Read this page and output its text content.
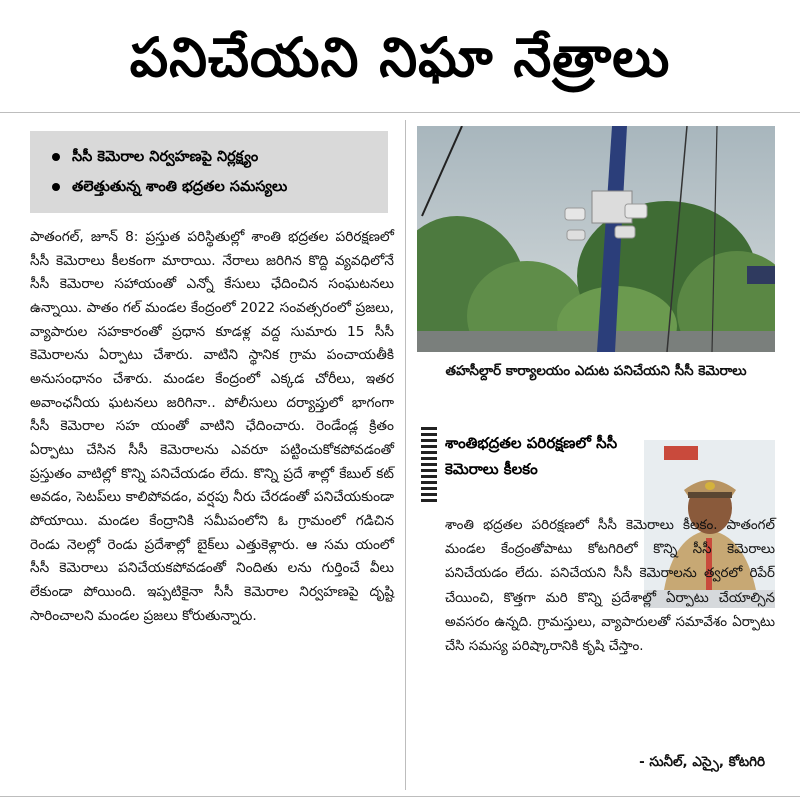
పనిచేయని నిఘా నేత్రాలు
సీసీ కెమెరాల నిర్వహణపై నిర్లక్ష్యం
తలెత్తుతున్న శాంతి భద్రతల సమస్యలు
పాతంగల్, జూన్ 8: ప్రస్తుత పరిస్థితుల్లో శాంతి భద్రతల పరిరక్షణలో సీసీ కెమెరాలు కీలకంగా మారాయి. నేరాలు జరిగిన కొద్ది వ్యవధిలోనే సీసీ కెమెరాల సహాయంతో ఎన్నో కేసులు ఛేదించిన సంఘటనలు ఉన్నాయి. పాతం గల్ మండల కేంద్రంలో 2022 సంవత్సరంలో ప్రజలు, వ్యాపారుల సహకారంతో ప్రధాన కూడళ్ల వద్ద సుమారు 15 సీసీ కెమెరాలను ఏర్పాటు చేశారు. వాటిని స్థానిక గ్రామ పంచాయతీకి అనుసంధానం చేశారు. మండల కేంద్రంలో ఎక్కడ చోరీలు, ఇతర అవాంఛనీయ ఘటనలు జరిగినా.. పోలీసులు దర్యాప్తులో భాగంగా సీసీ కెమెరాల సహ యంతో వాటిని ఛేదించారు. రెండేండ్ల క్రితం ఏర్పాటు చేసిన సీసీ కెమెరాలను ఎవరూ పట్టించుకోకపోవడంతో ప్రస్తుతం వాటిల్లో కొన్ని పనిచేయడం లేదు. కొన్ని ప్రదే శాల్లో కేబుల్ కట్ అవడం, సెటప్‌లు కాలిపోవడం, వర్షపు నీరు చేరడంతో పనిచేయకుండా పోయాయి. మండల కేంద్రానికి సమీపంలోని ఓ గ్రామంలో గడిచిన రెండు నెలల్లో రెండు ప్రదేశాల్లో బైక్‌లు ఎత్తుకెళ్లారు. ఆ సమ యంలో సీసీ కెమెరాలు పనిచేయకపోవడంతో నిందితు లను గుర్తించే వీలు లేకుండా పోయింది. ఇప్పటికైనా సీసీ కెమెరాల నిర్వహణపై దృష్టి సారించాలని మండల ప్రజలు కోరుతున్నారు.
తహసీల్దార్ కార్యాలయం ఎదుట పనిచేయని సీసీ కెమెరాలు
శాంతిభద్రతల పరిరక్షణలో సీసీ కెమెరాలు కీలకం
శాంతి భద్రతల పరిరక్షణలో సీసీ కెమెరాలు కీలకం. పాతంగల్ మండల కేంద్రంతోపాటు కోటగిరిలో కొన్ని సీసీ కెమెరాలు పనిచేయడం లేదు. పనిచేయని సీసీ కెమెరాలను త్వరలో రిపేర్ చేయించి, కొత్తగా మరి కొన్ని ప్రదేశాల్లో ఏర్పాటు చేయాల్సిన అవసరం ఉన్నది. గ్రామస్తులు, వ్యాపారులతో సమావేశం ఏర్పాటు చేసి సమస్య పరిష్కారానికి కృషి చేస్తాం.
- సునీల్, ఎస్సై, కోటగిరి
